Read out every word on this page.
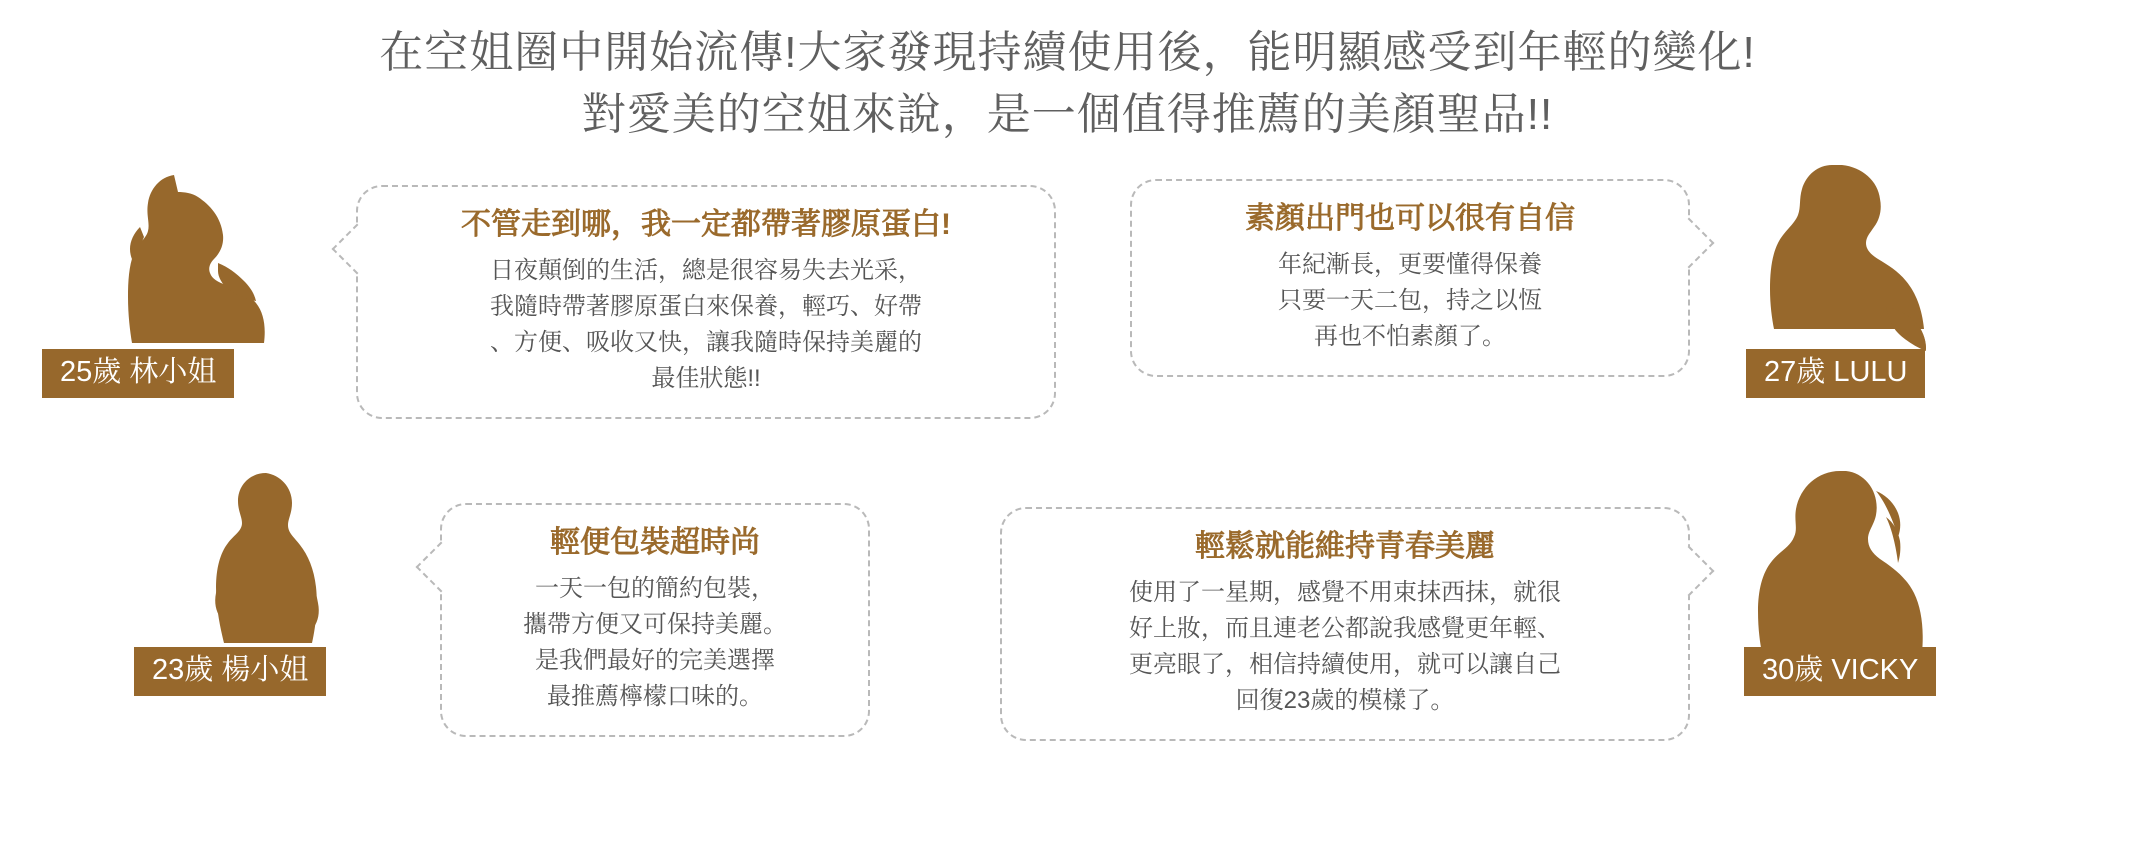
在空姐圈中開始流傳!大家發現持續使用後，能明顯感受到年輕的變化!
對愛美的空姐來說，是一個值得推薦的美顏聖品!!
25歲 林小姐
不管走到哪，我一定都帶著膠原蛋白!
日夜顛倒的生活，總是很容易失去光采，
我隨時帶著膠原蛋白來保養，輕巧、好帶
、方便、吸收又快，讓我隨時保持美麗的
最佳狀態!!
素顏出門也可以很有自信
年紀漸長，更要懂得保養
只要一天二包，持之以恆
再也不怕素顏了。
27歲 LULU
23歲 楊小姐
輕便包裝超時尚
一天一包的簡約包裝，
攜帶方便又可保持美麗。
是我們最好的完美選擇
最推薦檸檬口味的。
輕鬆就能維持青春美麗
使用了一星期，感覺不用束抹西抹，就很
好上妝，而且連老公都說我感覺更年輕、
更亮眼了，相信持續使用，就可以讓自己
回復23歲的模樣了。
30歲 VICKY
